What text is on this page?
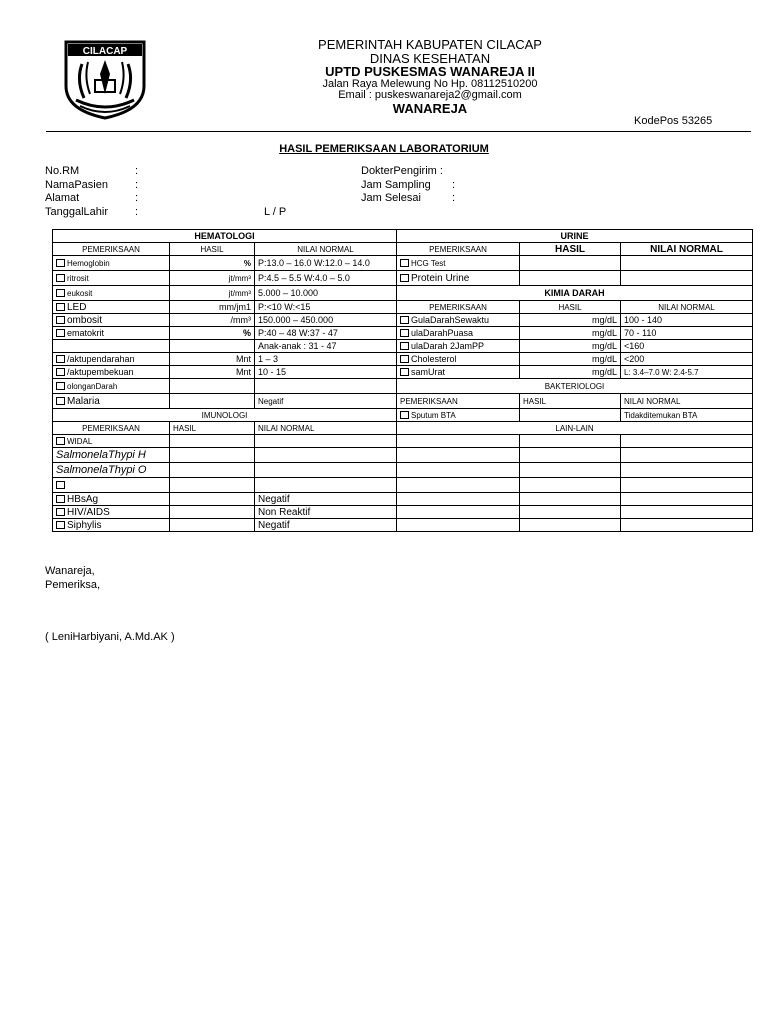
CILACAP	PEMERINTAH KABUPATEN CILACAP
DINAS KESEHATAN
UPTD PUSKESMAS WANAREJA II
Jalan Raya Melewung No Hp. 08112510200
Email : puskeswanareja2@gmail.com
WANAREJA
KodePos 53265
HASIL PEMERIKSAAN LABORATORIUM
No.RM
NamaPasien
Alamat
TanggalLahir
:
:
:
:	L / P
DokterPengirim :
Jam Sampling
Jam Selesai
:
:
HEMATOLOGI			URINE		
PEMERIKSAAN	HASIL	NILAI NORMAL	PEMERIKSAAN	HASIL	NILAI NORMAL
Hemoglobin	%	P:13.0 – 16.0 W:12.0 – 14.0	HCG Test		
ritrosit	jt/mm³	P:4.5 – 5.5 W:4.0 – 5.0	Protein Urine		
eukosit	jt/mm³	5.000 – 10.000	KIMIA DARAH		
LED	mm/jm1	P:<10 W:<15	PEMERIKSAAN	HASIL	NILAI NORMAL
ombosit	/mm³	150.000 – 450.000	GulaDarahSewaktu	mg/dL	100 - 140
ematokrit	%	P:40 – 48 W:37 - 47	ulaDarahPuasa	mg/dL	70 - 110
		Anak-anak : 31 - 47	ulaDarah 2JamPP	mg/dL	<160
/aktupendarahan	Mnt	1 – 3	Cholesterol	mg/dL	<200
/aktupembekuan	Mnt	10 - 15	samUrat	mg/dL	L: 3.4–7.0 W: 2.4-5.7
olonganDarah			BAKTERIOLOGI		
Malaria		Negatif	PEMERIKSAAN	HASIL	NILAI NORMAL
IMUNOLOGI			Sputum BTA		Tidakditemukan BTA
PEMERIKSAAN	HASIL	NILAI NORMAL	LAIN-LAIN		
WIDAL					
SalmonelaThypi H					
SalmonelaThypi O					

HBsAg		Negatif			
HIV/AIDS		Non Reaktif			
Siphylis		Negatif			
Wanareja,
Pemeriksa,
( LeniHarbiyani, A.Md.AK )
